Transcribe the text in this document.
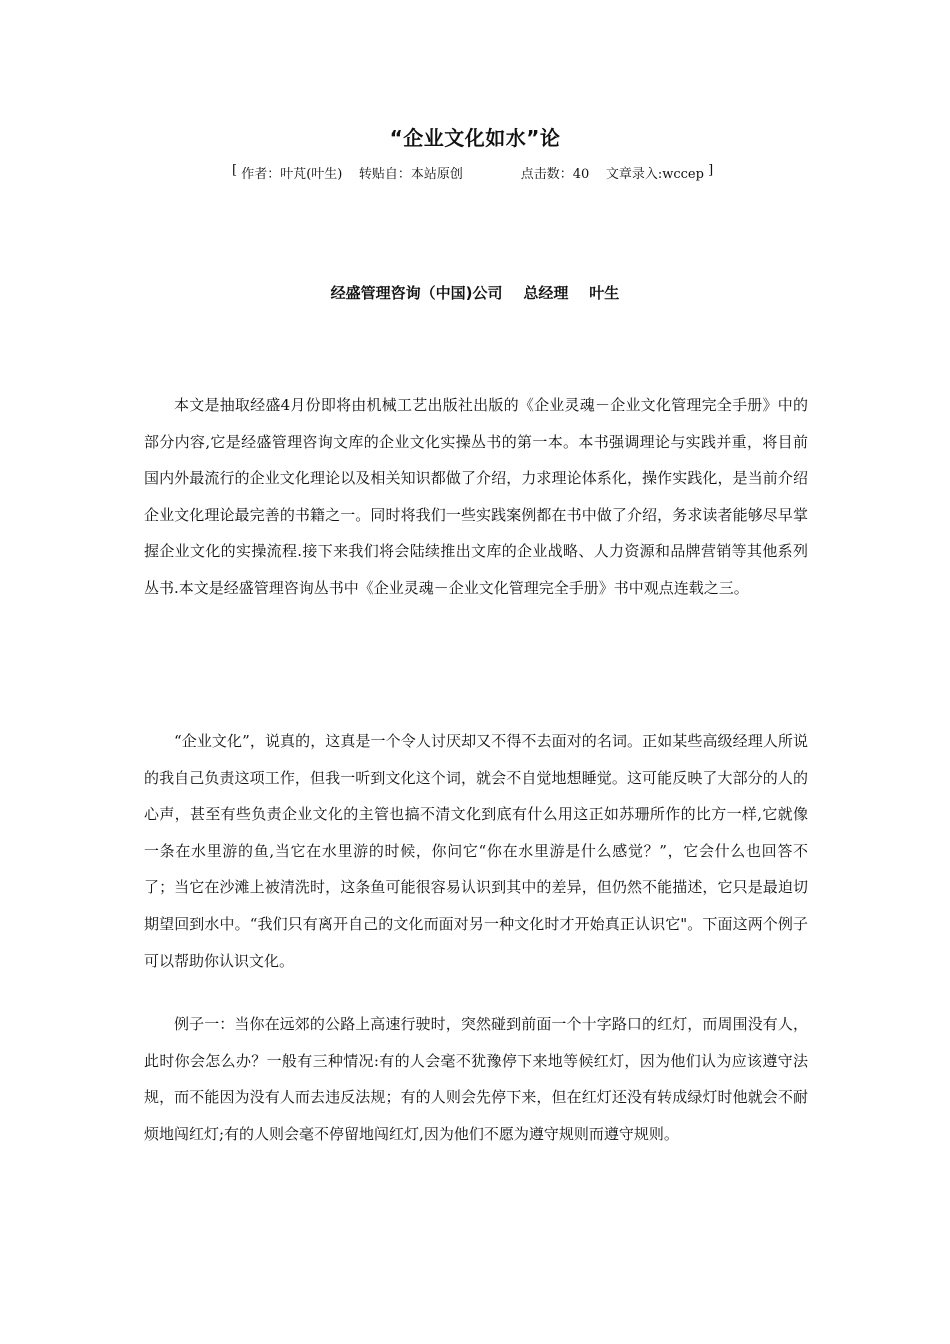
“企业文化如水”论
[ 作者：叶芃(叶生)
转贴自：本站原创
	点击数：40
文章录入:wccep ]
经盛管理咨询（中国)公司    总经理    叶生

本文是抽取经盛4月份即将由机械工艺出版社出版的《企业灵魂－企业文化管理完全手册》中的部分内容,它是经盛管理咨询文库的企业文化实操丛书的第一本。本书强调理论与实践并重，将目前国内外最流行的企业文化理论以及相关知识都做了介绍，力求理论体系化，操作实践化，是当前介绍企业文化理论最完善的书籍之一。同时将我们一些实践案例都在书中做了介绍，务求读者能够尽早掌握企业文化的实操流程.接下来我们将会陆续推出文库的企业战略、人力资源和品牌营销等其他系列丛书.本文是经盛管理咨询丛书中《企业灵魂－企业文化管理完全手册》书中观点连载之三。

“企业文化”，说真的，这真是一个令人讨厌却又不得不去面对的名词。正如某些高级经理人所说的我自己负责这项工作，但我一听到文化这个词，就会不自觉地想睡觉。这可能反映了大部分的人的心声，甚至有些负责企业文化的主管也搞不清文化到底有什么用这正如苏珊所作的比方一样,它就像一条在水里游的鱼,当它在水里游的时候，你问它“你在水里游是什么感觉？”，它会什么也回答不了；当它在沙滩上被清洗时，这条鱼可能很容易认识到其中的差异，但仍然不能描述，它只是最迫切期望回到水中。“我们只有离开自己的文化而面对另一种文化时才开始真正认识它"。下面这两个例子可以帮助你认识文化。

例子一：当你在远郊的公路上高速行驶时，突然碰到前面一个十字路口的红灯，而周围没有人，此时你会怎么办？一般有三种情况:有的人会毫不犹豫停下来地等候红灯，因为他们认为应该遵守法规，而不能因为没有人而去违反法规；有的人则会先停下来，但在红灯还没有转成绿灯时他就会不耐烦地闯红灯;有的人则会毫不停留地闯红灯,因为他们不愿为遵守规则而遵守规则。
